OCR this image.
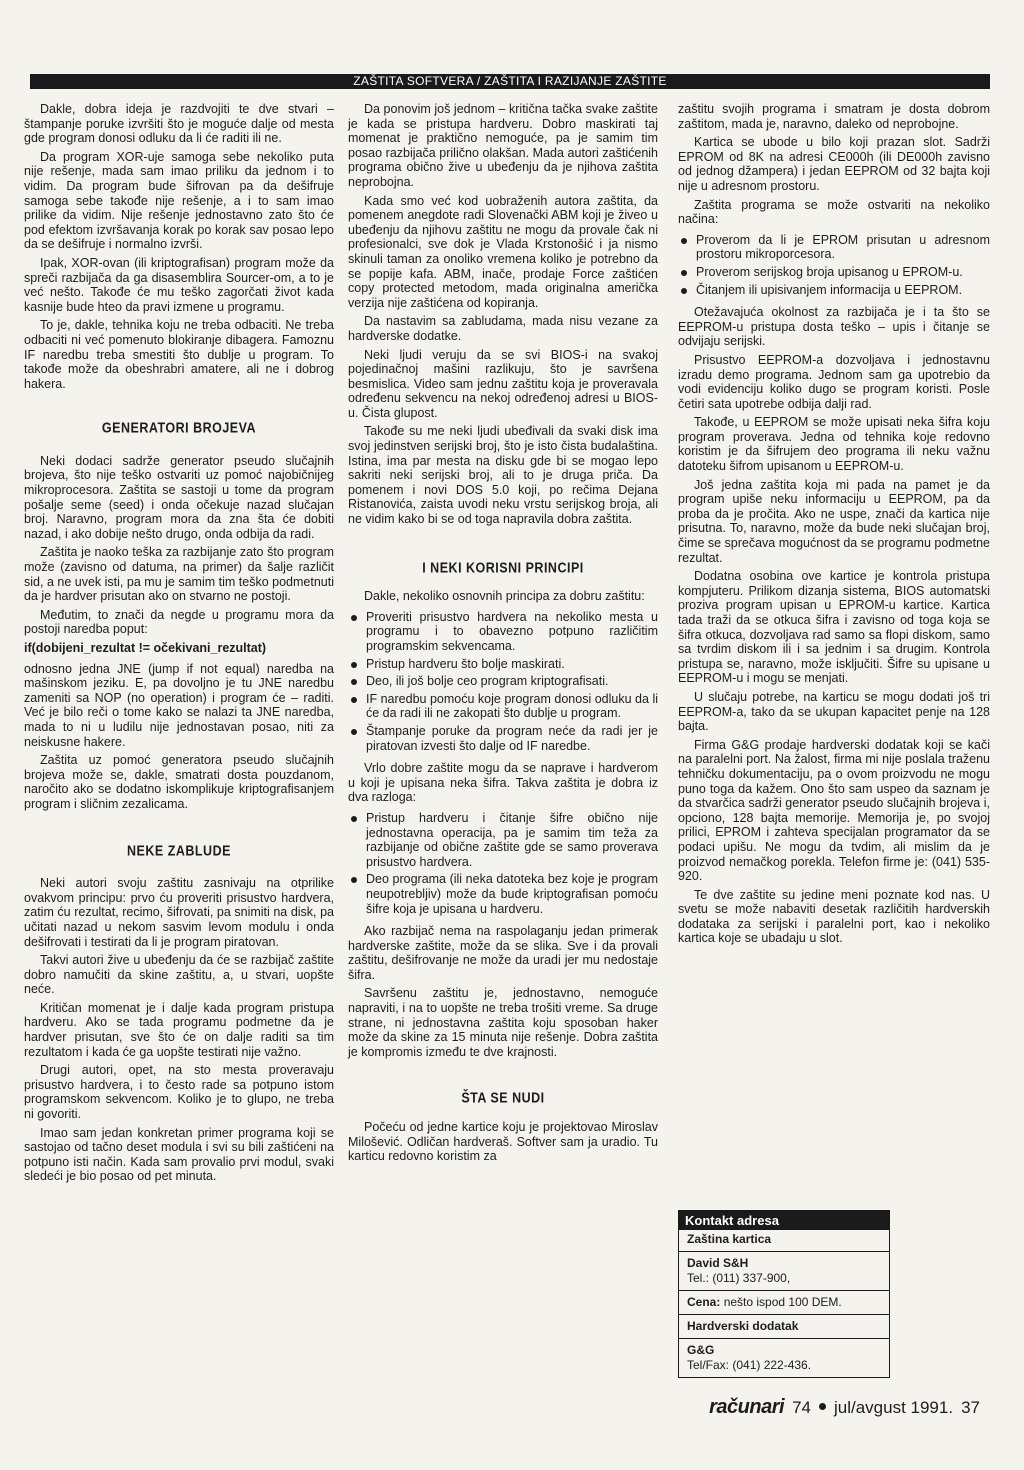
ZAŠTITA SOFTVERA / ZAŠTITA I RAZIJANJE ZAŠTITE

Dakle, dobra ideja je razdvojiti te dve stvari – štampanje poruke izvršiti što je moguće dalje od mesta gde program donosi odluku da li će raditi ili ne.

Da program XOR-uje samoga sebe nekoliko puta nije rešenje, mada sam imao priliku da jednom i to vidim. Da program bude šifrovan pa da dešifruje samoga sebe takođe nije rešenje, a i to sam imao prilike da vidim. Nije rešenje jednostavno zato što će pod efektom izvršavanja korak po korak sav posao lepo da se dešifruje i normalno izvrši.

Ipak, XOR-ovan (ili kriptografisan) program može da spreči razbijača da ga disasemblira Sourcer-om, a to je već nešto. Takođe će mu teško zagorčati život kada kasnije bude hteo da pravi izmene u programu.

To je, dakle, tehnika koju ne treba odbaciti. Ne treba odbaciti ni već pomenuto blokiranje dibagera. Famoznu IF naredbu treba smestiti što dublje u program. To takođe može da obeshrabri amatere, ali ne i dobrog hakera.

GENERATORI BROJEVA

Neki dodaci sadrže generator pseudo slučajnih brojeva, što nije teško ostvariti uz pomoć najobičnijeg mikroprocesora. Zaštita se sastoji u tome da program pošalje seme (seed) i onda očekuje nazad slučajan broj. Naravno, program mora da zna šta će dobiti nazad, i ako dobije nešto drugo, onda odbija da radi.

Zaštita je naoko teška za razbijanje zato što program može (zavisno od datuma, na primer) da šalje različit sid, a ne uvek isti, pa mu je samim tim teško podmetnuti da je hardver prisutan ako on stvarno ne postoji.

Međutim, to znači da negde u programu mora da postoji naredba poput:

if(dobijeni_rezultat != očekivani_rezultat)

odnosno jedna JNE (jump if not equal) naredba na mašinskom jeziku. E, pa dovoljno je tu JNE naredbu zameniti sa NOP (no operation) i program će – raditi. Već je bilo reči o tome kako se nalazi ta JNE naredba, mada to ni u ludilu nije jednostavan posao, niti za neiskusne hakere.

Zaštita uz pomoć generatora pseudo slučajnih brojeva može se, dakle, smatrati dosta pouzdanom, naročito ako se dodatno iskomplikuje kriptografisanjem program i sličnim zezalicama.

NEKE ZABLUDE

Neki autori svoju zaštitu zasnivaju na otprilike ovakvom principu: prvo ću proveriti prisustvo hardvera, zatim ću rezultat, recimo, šifrovati, pa snimiti na disk, pa učitati nazad u nekom sasvim levom modulu i onda dešifrovati i testirati da li je program piratovan.

Takvi autori žive u ubeđenju da će se razbijač zaštite dobro namučiti da skine zaštitu, a, u stvari, uopšte neće.

Kritičan momenat je i dalje kada program pristupa hardveru. Ako se tada programu podmetne da je hardver prisutan, sve što će on dalje raditi sa tim rezultatom i kada će ga uopšte testirati nije važno.

Drugi autori, opet, na sto mesta proveravaju prisustvo hardvera, i to često rade sa potpuno istom programskom sekvencom. Koliko je to glupo, ne treba ni govoriti.

Imao sam jedan konkretan primer programa koji se sastojao od tačno deset modula i svi su bili zaštićeni na potpuno isti način. Kada sam provalio prvi modul, svaki sledeći je bio posao od pet minuta.

Da ponovim još jednom – kritična tačka svake zaštite je kada se pristupa hardveru. Dobro maskirati taj momenat je praktično nemoguće, pa je samim tim posao razbijača prilično olakšan. Mada autori zaštićenih programa obično žive u ubeđenju da je njihova zaštita neprobojna.

Kada smo već kod uobraženih autora zaštita, da pomenem anegdote radi Slovenački ABM koji je živeo u ubeđenju da njihovu zaštitu ne mogu da provale čak ni profesionalci, sve dok je Vlada Krstonošić i ja nismo skinuli taman za onoliko vremena koliko je potrebno da se popije kafa. ABM, inače, prodaje Force zaštićen copy protected metodom, mada originalna američka verzija nije zaštićena od kopiranja.

Da nastavim sa zabludama, mada nisu vezane za hardverske dodatke.

Neki ljudi veruju da se svi BIOS-i na svakoj pojedinačnoj mašini razlikuju, što je savršena besmislica. Video sam jednu zaštitu koja je proveravala određenu sekvencu na nekoj određenoj adresi u BIOS-u. Čista glupost.

Takođe su me neki ljudi ubeđivali da svaki disk ima svoj jedinstven serijski broj, što je isto čista budalaština. Istina, ima par mesta na disku gde bi se mogao lepo sakriti neki serijski broj, ali to je druga priča. Da pomenem i novi DOS 5.0 koji, po rečima Dejana Ristanovića, zaista uvodi neku vrstu serijskog broja, ali ne vidim kako bi se od toga napravila dobra zaštita.

I NEKI KORISNI PRINCIPI

Dakle, nekoliko osnovnih principa za dobru zaštitu:

Proveriti prisustvo hardvera na nekoliko mesta u programu i to obavezno potpuno različitim programskim sekvencama.
Pristup hardveru što bolje maskirati.
Deo, ili još bolje ceo program kriptografisati.
IF naredbu pomoću koje program donosi odluku da li će da radi ili ne zakopati što dublje u program.
Štampanje poruke da program neće da radi jer je piratovan izvesti što dalje od IF naredbe.

Vrlo dobre zaštite mogu da se naprave i hardverom u koji je upisana neka šifra. Takva zaštita je dobra iz dva razloga:

Pristup hardveru i čitanje šifre obično nije jednostavna operacija, pa je samim tim teža za razbijanje od obične zaštite gde se samo proverava prisustvo hardvera.
Deo programa (ili neka datoteka bez koje je program neupotrebljiv) može da bude kriptografisan pomoću šifre koja je upisana u hardveru.

Ako razbijač nema na raspolaganju jedan primerak hardverske zaštite, može da se slika. Sve i da provali zaštitu, dešifrovanje ne može da uradi jer mu nedostaje šifra.

Savršenu zaštitu je, jednostavno, nemoguće napraviti, i na to uopšte ne treba trošiti vreme. Sa druge strane, ni jednostavna zaštita koju sposoban haker može da skine za 15 minuta nije rešenje. Dobra zaštita je kompromis između te dve krajnosti.

ŠTA SE NUDI

Počeću od jedne kartice koju je projektovao Miroslav Milošević. Odličan hardveraš. Softver sam ja uradio. Tu karticu redovno koristim za

zaštitu svojih programa i smatram je dosta dobrom zaštitom, mada je, naravno, daleko od neprobojne.

Kartica se ubode u bilo koji prazan slot. Sadrži EPROM od 8K na adresi CE000h (ili DE000h zavisno od jednog džampera) i jedan EEPROM od 32 bajta koji nije u adresnom prostoru.

Zaštita programa se može ostvariti na nekoliko načina:

Proverom da li je EPROM prisutan u adresnom prostoru mikroporcesora.
Proverom serijskog broja upisanog u EPROM-u.
Čitanjem ili upisivanjem informacija u EEPROM.

Otežavajuća okolnost za razbijača je i ta što se EEPROM-u pristupa dosta teško – upis i čitanje se odvijaju serijski.

Prisustvo EEPROM-a dozvoljava i jednostavnu izradu demo programa. Jednom sam ga upotrebio da vodi evidenciju koliko dugo se program koristi. Posle četiri sata upotrebe odbija dalji rad.

Takođe, u EEPROM se može upisati neka šifra koju program proverava. Jedna od tehnika koje redovno koristim je da šifrujem deo programa ili neku važnu datoteku šifrom upisanom u EEPROM-u.

Još jedna zaštita koja mi pada na pamet je da program upiše neku informaciju u EEPROM, pa da proba da je pročita. Ako ne uspe, znači da kartica nije prisutna. To, naravno, može da bude neki slučajan broj, čime se sprečava mogućnost da se programu podmetne rezultat.

Dodatna osobina ove kartice je kontrola pristupa kompjuteru. Prilikom dizanja sistema, BIOS automatski proziva program upisan u EPROM-u kartice. Kartica tada traži da se otkuca šifra i zavisno od toga koja se šifra otkuca, dozvoljava rad samo sa flopi diskom, samo sa tvrdim diskom ili i sa jednim i sa drugim. Kontrola pristupa se, naravno, može isključiti. Šifre su upisane u EEPROM-u i mogu se menjati.

U slučaju potrebe, na karticu se mogu dodati još tri EEPROM-a, tako da se ukupan kapacitet penje na 128 bajta.

Firma G&G prodaje hardverski dodatak koji se kači na paralelni port. Na žalost, firma mi nije poslala traženu tehničku dokumentaciju, pa o ovom proizvodu ne mogu puno toga da kažem. Ono što sam uspeo da saznam je da stvarčica sadrži generator pseudo slučajnih brojeva i, opciono, 128 bajta memorije. Memorija je, po svojoj prilici, EPROM i zahteva specijalan programator da se podaci upišu. Ne mogu da tvdim, ali mislim da je proizvod nemačkog porekla. Telefon firme je: (041) 535-920.

Te dve zaštite su jedine meni poznate kod nas. U svetu se može nabaviti desetak različitih hardverskih dodataka za serijski i paralelni port, kao i nekoliko kartica koje se ubadaju u slot.

Kontakt adresa
Zaština kartica
David S&H
Tel.: (011) 337-900,
Cena: nešto ispod 100 DEM.
Hardverski dodatak
G&G
Tel/Fax: (041) 222-436.
računari 74 jul/avgust 1991. 37
